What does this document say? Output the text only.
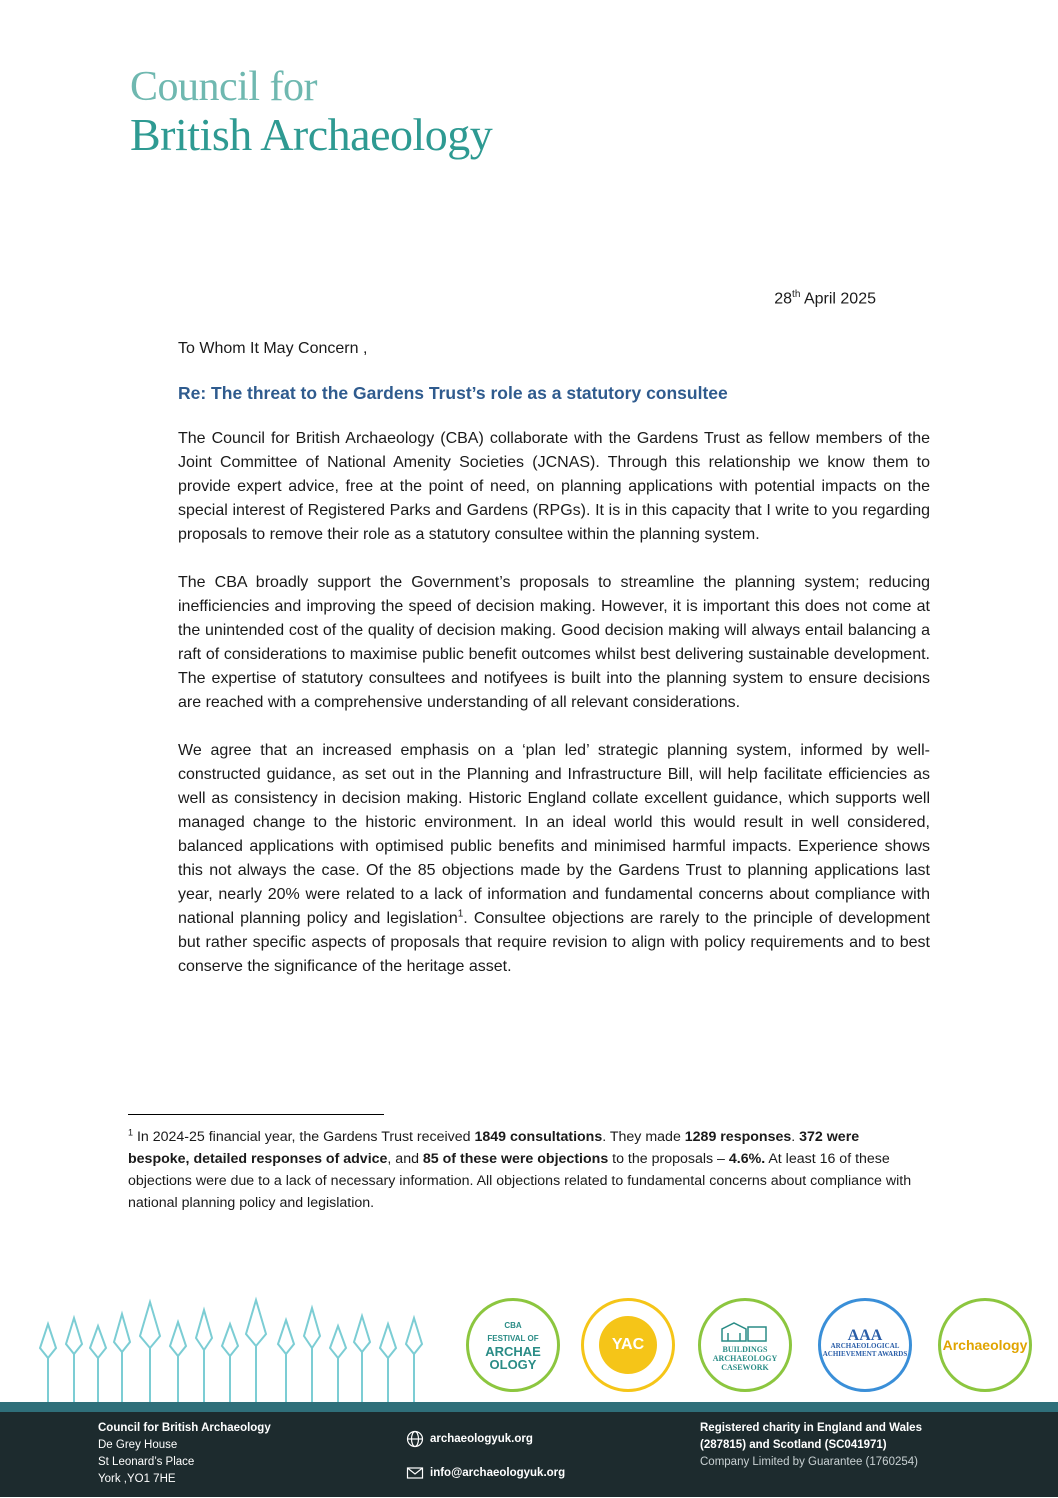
Council for
British Archaeology
28th April 2025
To Whom It May Concern ,
Re: The threat to the Gardens Trust’s role as a statutory consultee

The Council for British Archaeology (CBA) collaborate with the Gardens Trust as fellow members of the Joint Committee of National Amenity Societies (JCNAS). Through this relationship we know them to provide expert advice, free at the point of need, on planning applications with potential impacts on the special interest of Registered Parks and Gardens (RPGs). It is in this capacity that I write to you regarding proposals to remove their role as a statutory consultee within the planning system.

The CBA broadly support the Government’s proposals to streamline the planning system; reducing inefficiencies and improving the speed of decision making. However, it is important this does not come at the unintended cost of the quality of decision making. Good decision making will always entail balancing a raft of considerations to maximise public benefit outcomes whilst best delivering sustainable development. The expertise of statutory consultees and notifyees is built into the planning system to ensure decisions are reached with a comprehensive understanding of all relevant considerations.

We agree that an increased emphasis on a ‘plan led’ strategic planning system, informed by well-constructed guidance, as set out in the Planning and Infrastructure Bill, will help facilitate efficiencies as well as consistency in decision making. Historic England collate excellent guidance, which supports well managed change to the historic environment. In an ideal world this would result in well considered, balanced applications with optimised public benefits and minimised harmful impacts. Experience shows this not always the case. Of the 85 objections made by the Gardens Trust to planning applications last year, nearly 20% were related to a lack of information and fundamental concerns about compliance with national planning policy and legislation$^1$. Consultee objections are rarely to the principle of development but rather specific aspects of proposals that require revision to align with policy requirements and to best conserve the significance of the heritage asset.

$^1$ In 2024-25 financial year, the Gardens Trust received 1849 consultations. They made 1289 responses. 372 were bespoke, detailed responses of advice, and 85 of these were objections to the proposals – 4.6%. At least 16 of these objections were due to a lack of necessary information. All objections related to fundamental concerns about compliance with national planning policy and legislation.
CBA
FESTIVAL OF
ARCHAE OLOGY
YAC	BUILDINGS ARCHAEOLOGY CASEWORK
AAA
ARCHAEOLOGICAL ACHIEVEMENT AWARDS
Archaeology
Council for British Archaeology
De Grey House
St Leonard’s Place
York ,YO1 7HE
archaeologyuk.org
info@archaeologyuk.org
Registered charity in England and Wales
(287815) and Scotland (SC041971)
Company Limited by Guarantee (1760254)
